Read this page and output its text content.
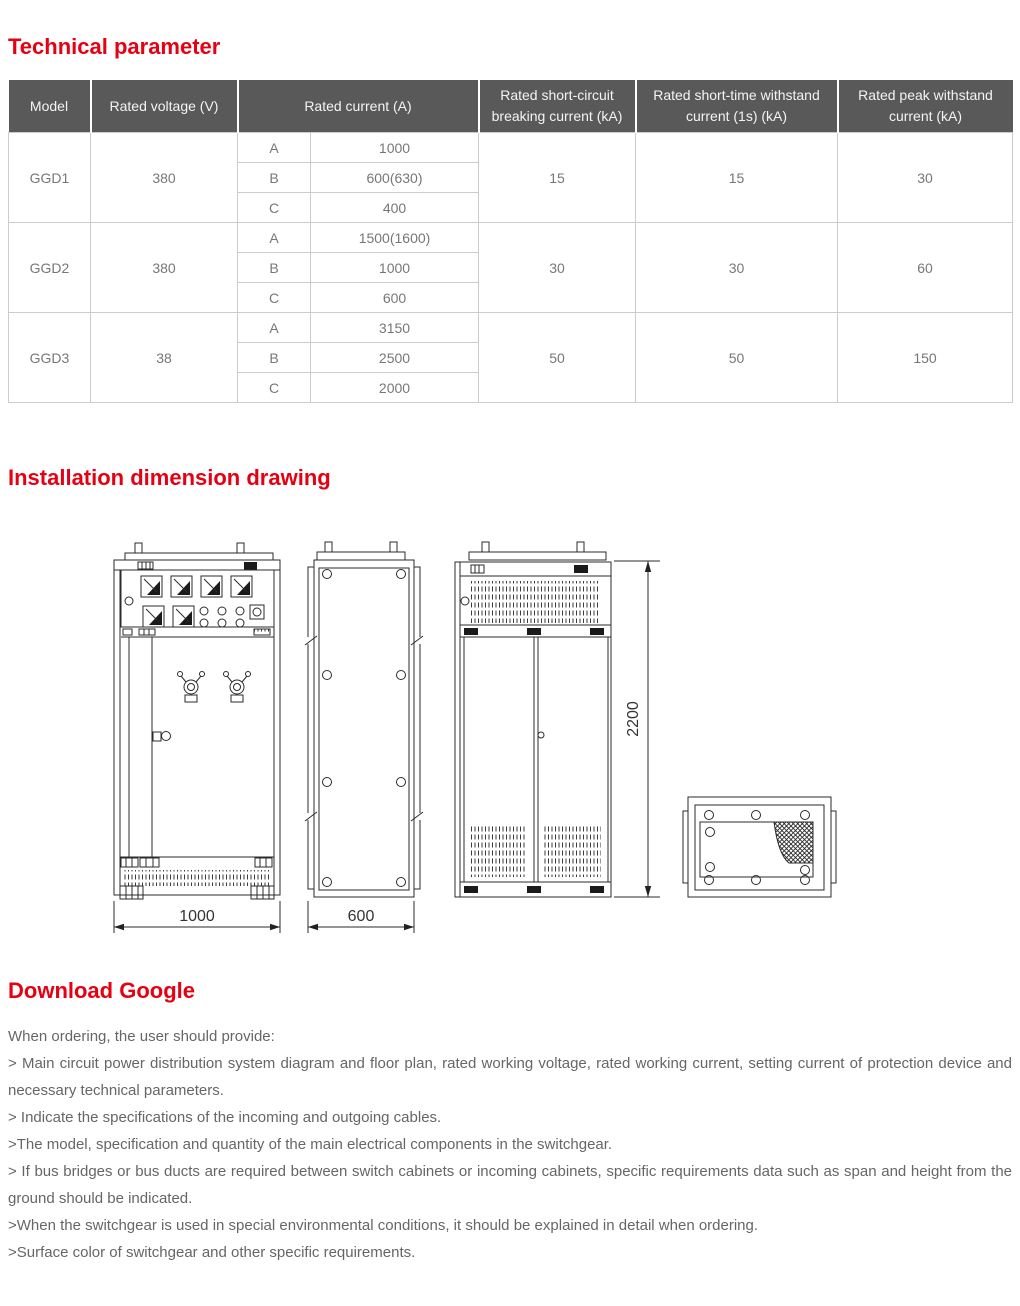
Technical parameter
Model	Rated voltage (V)	Rated current (A)		Rated short-circuit breaking current (kA)	Rated short-time withstand current (1s) (kA)	Rated peak withstand current (kA)
GGD1	380	A	1000	15	15	30
		B	600(630)			
		C	400			
GGD2	380	A	1500(1600)	30	30	60
		B	1000			
		C	600			
GGD3	38	A	3150	50	50	150
		B	2500			
		C	2000			
Installation dimension drawing
1000	600
2200
Download Google

When ordering, the user should provide:

> Main circuit power distribution system diagram and floor plan, rated working voltage, rated working current, setting current of protection device and necessary technical parameters.

> Indicate the specifications of the incoming and outgoing cables.

>The model, specification and quantity of the main electrical components in the switchgear.

> If bus bridges or bus ducts are required between switch cabinets or incoming cabinets, specific requirements data such as span and height from the ground should be indicated.

>When the switchgear is used in special environmental conditions, it should be explained in detail when ordering.

>Surface color of switchgear and other specific requirements.
